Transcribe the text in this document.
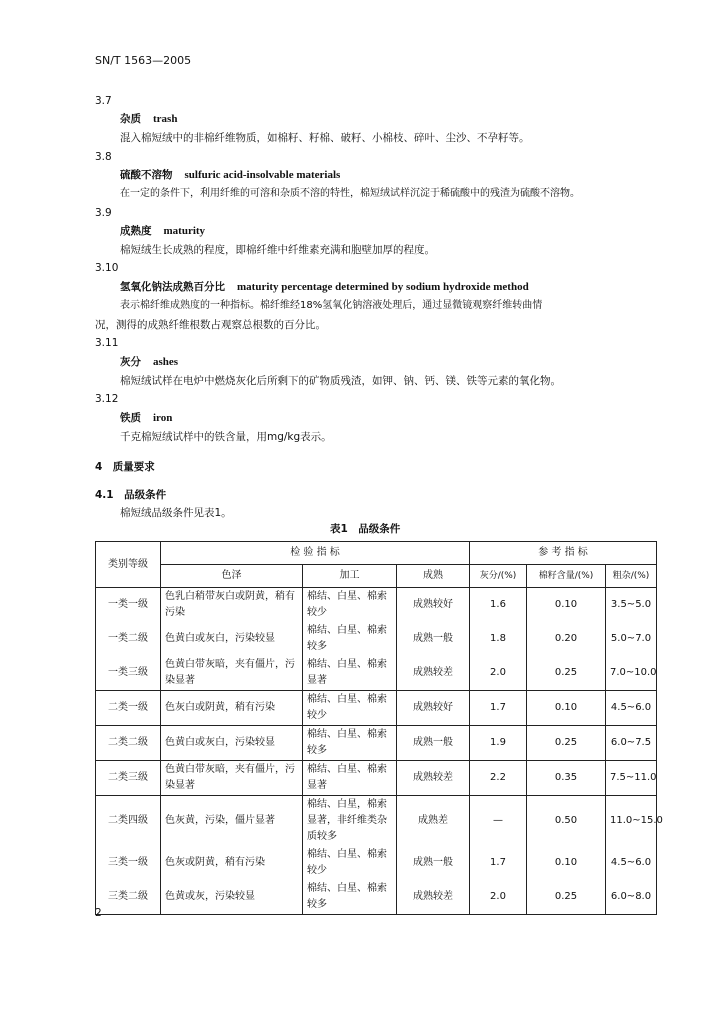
SN/T 1563—2005
3.7
杂质 trash
混入棉短绒中的非棉纤维物质，如棉籽、籽棉、破籽、小棉枝、碎叶、尘沙、不孕籽等。
3.8
硫酸不溶物 sulfuric acid-insolvable materials
在一定的条件下，利用纤维的可溶和杂质不溶的特性，棉短绒试样沉淀于稀硫酸中的残渣为硫酸不溶物。
3.9
成熟度 maturity
棉短绒生长成熟的程度，即棉纤维中纤维素充满和胞壁加厚的程度。
3.10
氢氧化钠法成熟百分比 maturity percentage determined by sodium hydroxide method
表示棉纤维成熟度的一种指标。棉纤维经18%氢氧化钠溶液处理后，通过显微镜观察纤维转曲情
况，测得的成熟纤维根数占观察总根数的百分比。
3.11
灰分 ashes
棉短绒试样在电炉中燃烧灰化后所剩下的矿物质残渣，如钾、钠、钙、镁、铁等元素的氧化物。
3.12
铁质 iron
千克棉短绒试样中的铁含量，用mg/kg表示。
4　质量要求
4.1　品级条件
棉短绒品级条件见表1。
表1　品级条件
类别等级	检 验 指 标			参 考 指 标		
	色泽	加工	成熟	灰分/(%)	棉籽含量/(%)	粗杂/(%)
一类一级	色乳白稍带灰白或阴黄，稍有污染	棉结、白星、棉索较少	成熟较好	1.6	0.10	3.5~5.0
一类二级	色黄白或灰白，污染较显	棉结、白星、棉索较多	成熟一般	1.8	0.20	5.0~7.0
一类三级	色黄白带灰暗，夹有僵片，污染显著	棉结、白星、棉索显著	成熟较差	2.0	0.25	7.0~10.0
二类一级	色灰白或阴黄，稍有污染	棉结、白星、棉索较少	成熟较好	1.7	0.10	4.5~6.0
二类二级	色黄白或灰白，污染较显	棉结、白星、棉索较多	成熟一般	1.9	0.25	6.0~7.5
二类三级	色黄白带灰暗，夹有僵片，污染显著	棉结、白星、棉索显著	成熟较差	2.2	0.35	7.5~11.0
二类四级	色灰黄，污染，僵片显著	棉结、白星，棉索显著，非纤维类杂质较多	成熟差	—	0.50	11.0~15.0
三类一级	色灰或阴黄，稍有污染	棉结、白星、棉索较少	成熟一般	1.7	0.10	4.5~6.0
三类二级	色黄或灰，污染较显	棉结、白星、棉索较多	成熟较差	2.0	0.25	6.0~8.0
2
